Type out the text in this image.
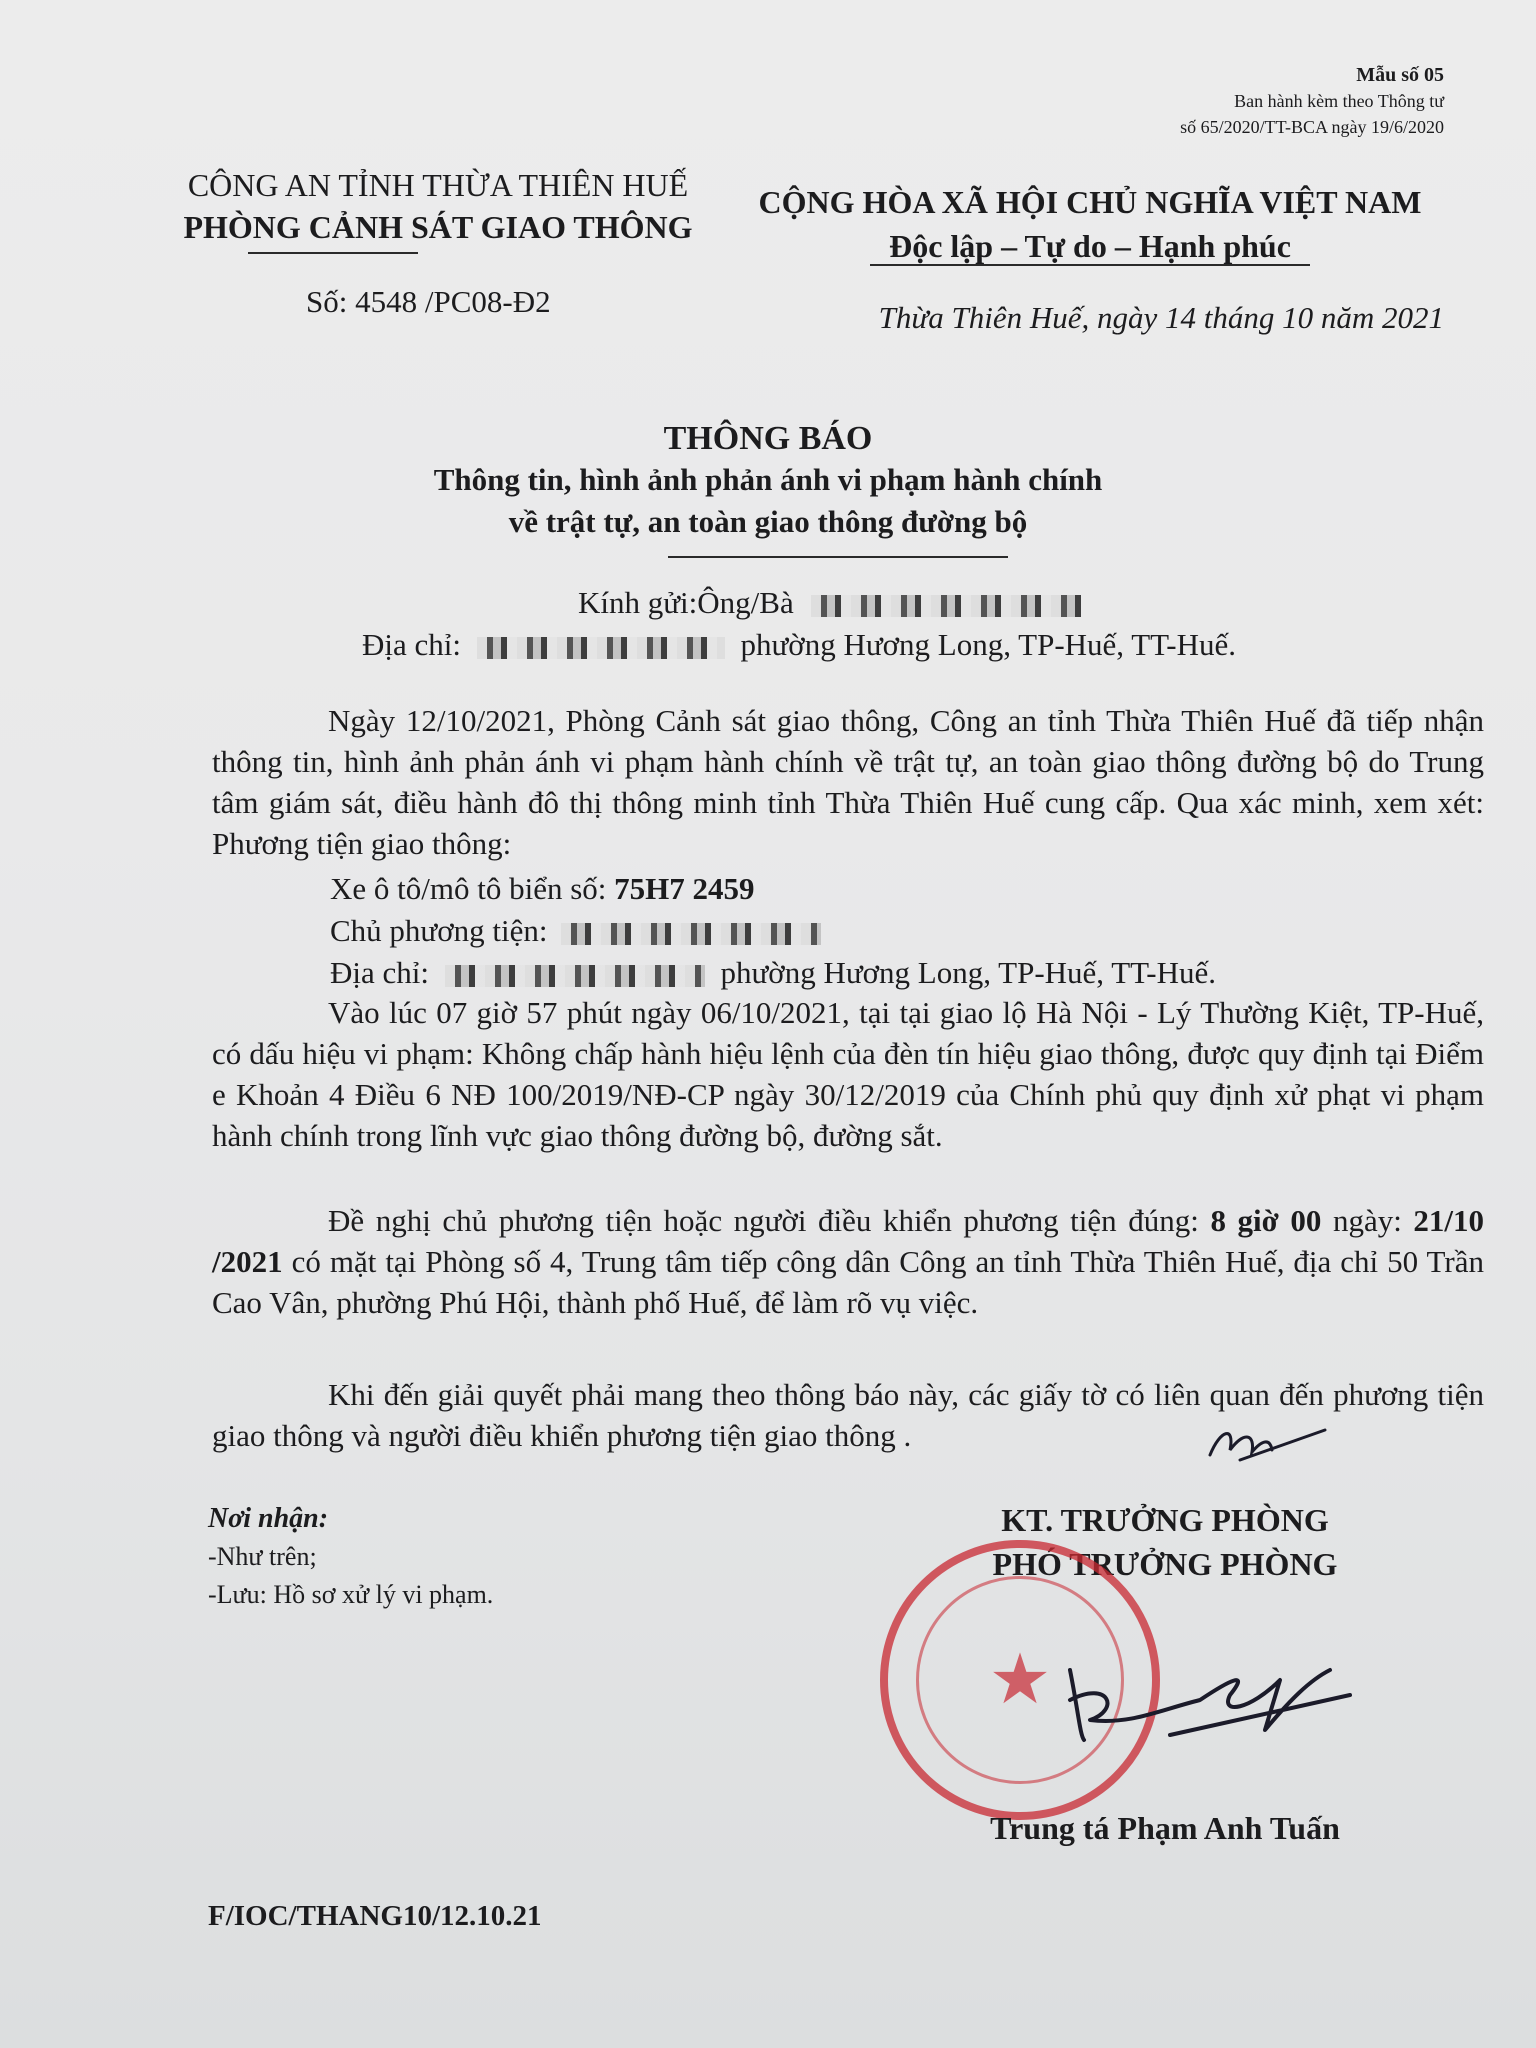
Mẫu số 05
Ban hành kèm theo Thông tư
số 65/2020/TT-BCA ngày 19/6/2020
CÔNG AN TỈNH THỪA THIÊN HUẾ
PHÒNG CẢNH SÁT GIAO THÔNG
CỘNG HÒA XÃ HỘI CHỦ NGHĨA VIỆT NAM
Độc lập – Tự do – Hạnh phúc
Số: 4548 /PC08-Đ2	Thừa Thiên Huế, ngày 14 tháng 10 năm 2021
THÔNG BÁO
Thông tin, hình ảnh phản ánh vi phạm hành chính
về trật tự, an toàn giao thông đường bộ
Kính gửi:Ông/Bà
Địa chỉ:	phường Hương Long, TP-Huế, TT-Huế.
Ngày 12/10/2021, Phòng Cảnh sát giao thông, Công an tỉnh Thừa Thiên Huế đã tiếp nhận thông tin, hình ảnh phản ánh vi phạm hành chính về trật tự, an toàn giao thông đường bộ do Trung tâm giám sát, điều hành đô thị thông minh tỉnh Thừa Thiên Huế cung cấp. Qua xác minh, xem xét: Phương tiện giao thông:
Xe ô tô/mô tô biển số: 75H7 2459
Chủ phương tiện:
Địa chỉ:	phường Hương Long, TP-Huế, TT-Huế.
Vào lúc 07 giờ 57 phút ngày 06/10/2021, tại tại giao lộ Hà Nội - Lý Thường Kiệt, TP-Huế, có dấu hiệu vi phạm: Không chấp hành hiệu lệnh của đèn tín hiệu giao thông, được quy định tại Điểm e Khoản 4 Điều 6 NĐ 100/2019/NĐ-CP ngày 30/12/2019 của Chính phủ quy định xử phạt vi phạm hành chính trong lĩnh vực giao thông đường bộ, đường sắt.
Đề nghị chủ phương tiện hoặc người điều khiển phương tiện đúng: 8 giờ 00 ngày: 21/10 /2021 có mặt tại Phòng số 4, Trung tâm tiếp công dân Công an tỉnh Thừa Thiên Huế, địa chỉ 50 Trần Cao Vân, phường Phú Hội, thành phố Huế, để làm rõ vụ việc.
Khi đến giải quyết phải mang theo thông báo này, các giấy tờ có liên quan đến phương tiện giao thông và người điều khiển phương tiện giao thông .
Nơi nhận:
-Như trên;
-Lưu: Hồ sơ xử lý vi phạm.
KT. TRƯỞNG PHÒNG
PHÓ TRƯỞNG PHÒNG
★
Trung tá Phạm Anh Tuấn
F/IOC/THANG10/12.10.21
